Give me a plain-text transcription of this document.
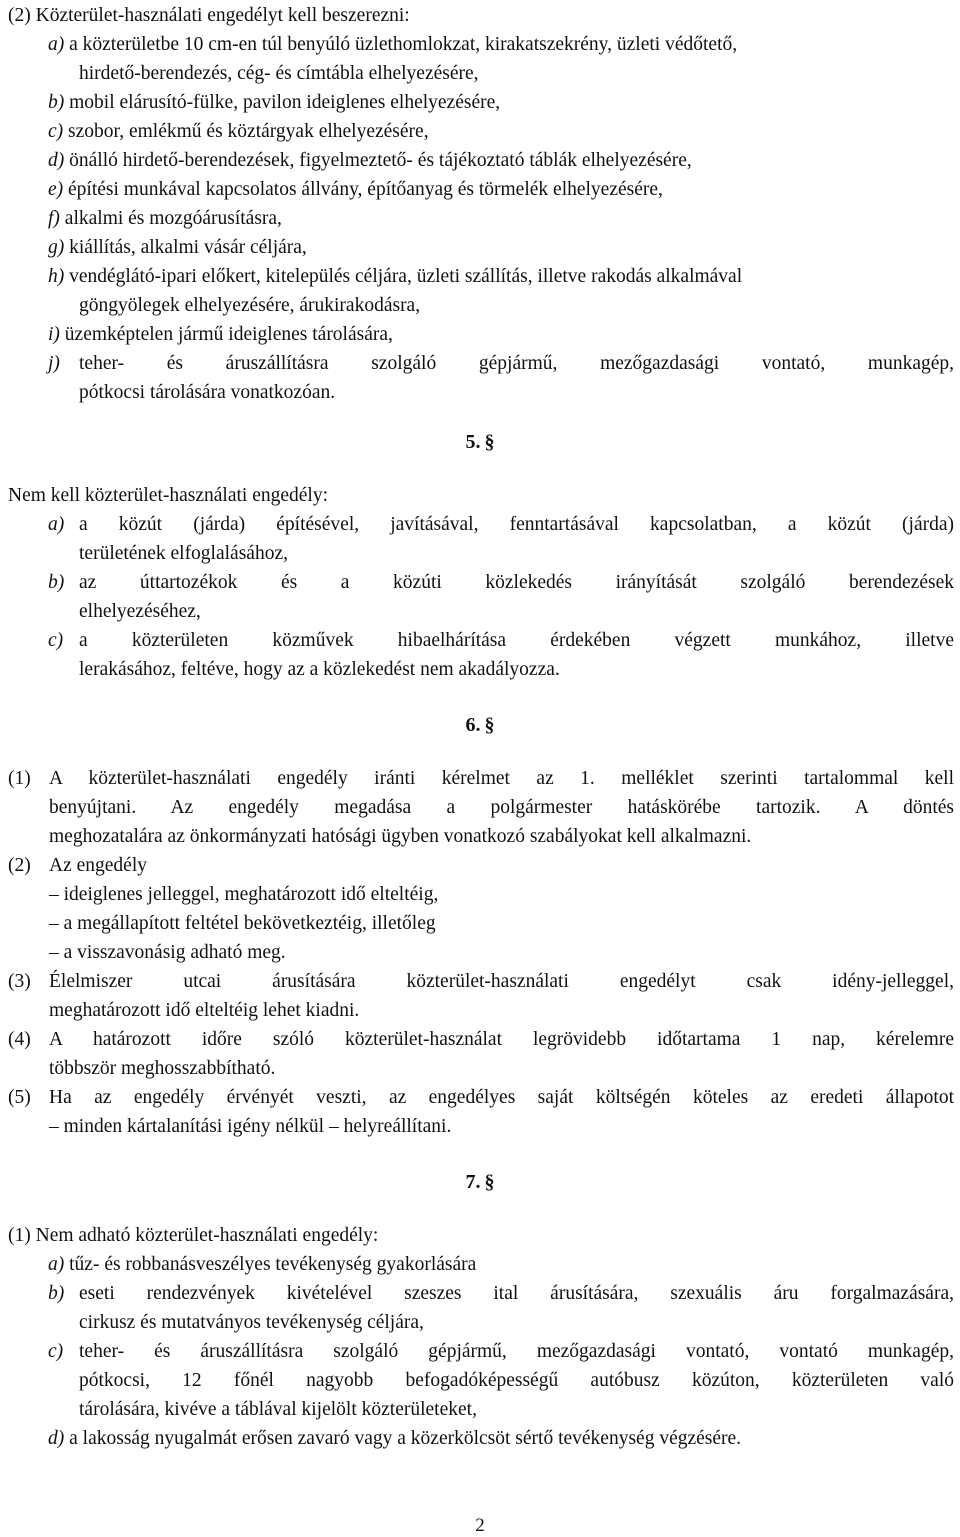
(2) Közterület-használati engedélyt kell beszerezni:
a) a közterületbe 10 cm-en túl benyúló üzlethomlokzat, kirakatszekrény, üzleti védőtető,
hirdető-berendezés, cég- és címtábla elhelyezésére,
b) mobil elárusító-fülke, pavilon ideiglenes elhelyezésére,
c) szobor, emlékmű és köztárgyak elhelyezésére,
d) önálló hirdető-berendezések, figyelmeztető- és tájékoztató táblák elhelyezésére,
e) építési munkával kapcsolatos állvány, építőanyag és törmelék elhelyezésére,
f) alkalmi és mozgóárusításra,
g) kiállítás, alkalmi vásár céljára,
h) vendéglátó-ipari előkert, kitelepülés céljára, üzleti szállítás, illetve rakodás alkalmával
göngyölegek elhelyezésére, árukirakodásra,
i) üzemképtelen jármű ideiglenes tárolására,
j) teher- és áruszállításra szolgáló gépjármű, mezőgazdasági vontató, munkagép,
pótkocsi tárolására vonatkozóan.
5. §
Nem kell közterület-használati engedély:
a) a közút (járda) építésével, javításával, fenntartásával kapcsolatban, a közút (járda)
területének elfoglalásához,
b) az úttartozékok és a közúti közlekedés irányítását szolgáló berendezések
elhelyezéséhez,
c) a közterületen közművek hibaelhárítása érdekében végzett munkához, illetve
lerakásához, feltéve, hogy az a közlekedést nem akadályozza.
6. §
(1) A közterület-használati engedély iránti kérelmet az 1. melléklet szerinti tartalommal kell
benyújtani. Az engedély megadása a polgármester hatáskörébe tartozik. A döntés
meghozatalára az önkormányzati hatósági ügyben vonatkozó szabályokat kell alkalmazni.
(2) Az engedély
– ideiglenes jelleggel, meghatározott idő elteltéig,
– a megállapított feltétel bekövetkeztéig, illetőleg
– a visszavonásig adható meg.
(3) Élelmiszer utcai árusítására közterület-használati engedélyt csak idény-jelleggel,
meghatározott idő elteltéig lehet kiadni.
(4) A határozott időre szóló közterület-használat legrövidebb időtartama 1 nap, kérelemre
többször meghosszabbítható.
(5) Ha az engedély érvényét veszti, az engedélyes saját költségén köteles az eredeti állapotot
– minden kártalanítási igény nélkül – helyreállítani.
7. §
(1) Nem adható közterület-használati engedély:
a) tűz- és robbanásveszélyes tevékenység gyakorlására
b) eseti rendezvények kivételével szeszes ital árusítására, szexuális áru forgalmazására,
cirkusz és mutatványos tevékenység céljára,
c) teher- és áruszállításra szolgáló gépjármű, mezőgazdasági vontató, vontató munkagép,
pótkocsi, 12 főnél nagyobb befogadóképességű autóbusz közúton, közterületen való
tárolására, kivéve a táblával kijelölt közterületeket,
d) a lakosság nyugalmát erősen zavaró vagy a közerkölcsöt sértő tevékenység végzésére.
2
